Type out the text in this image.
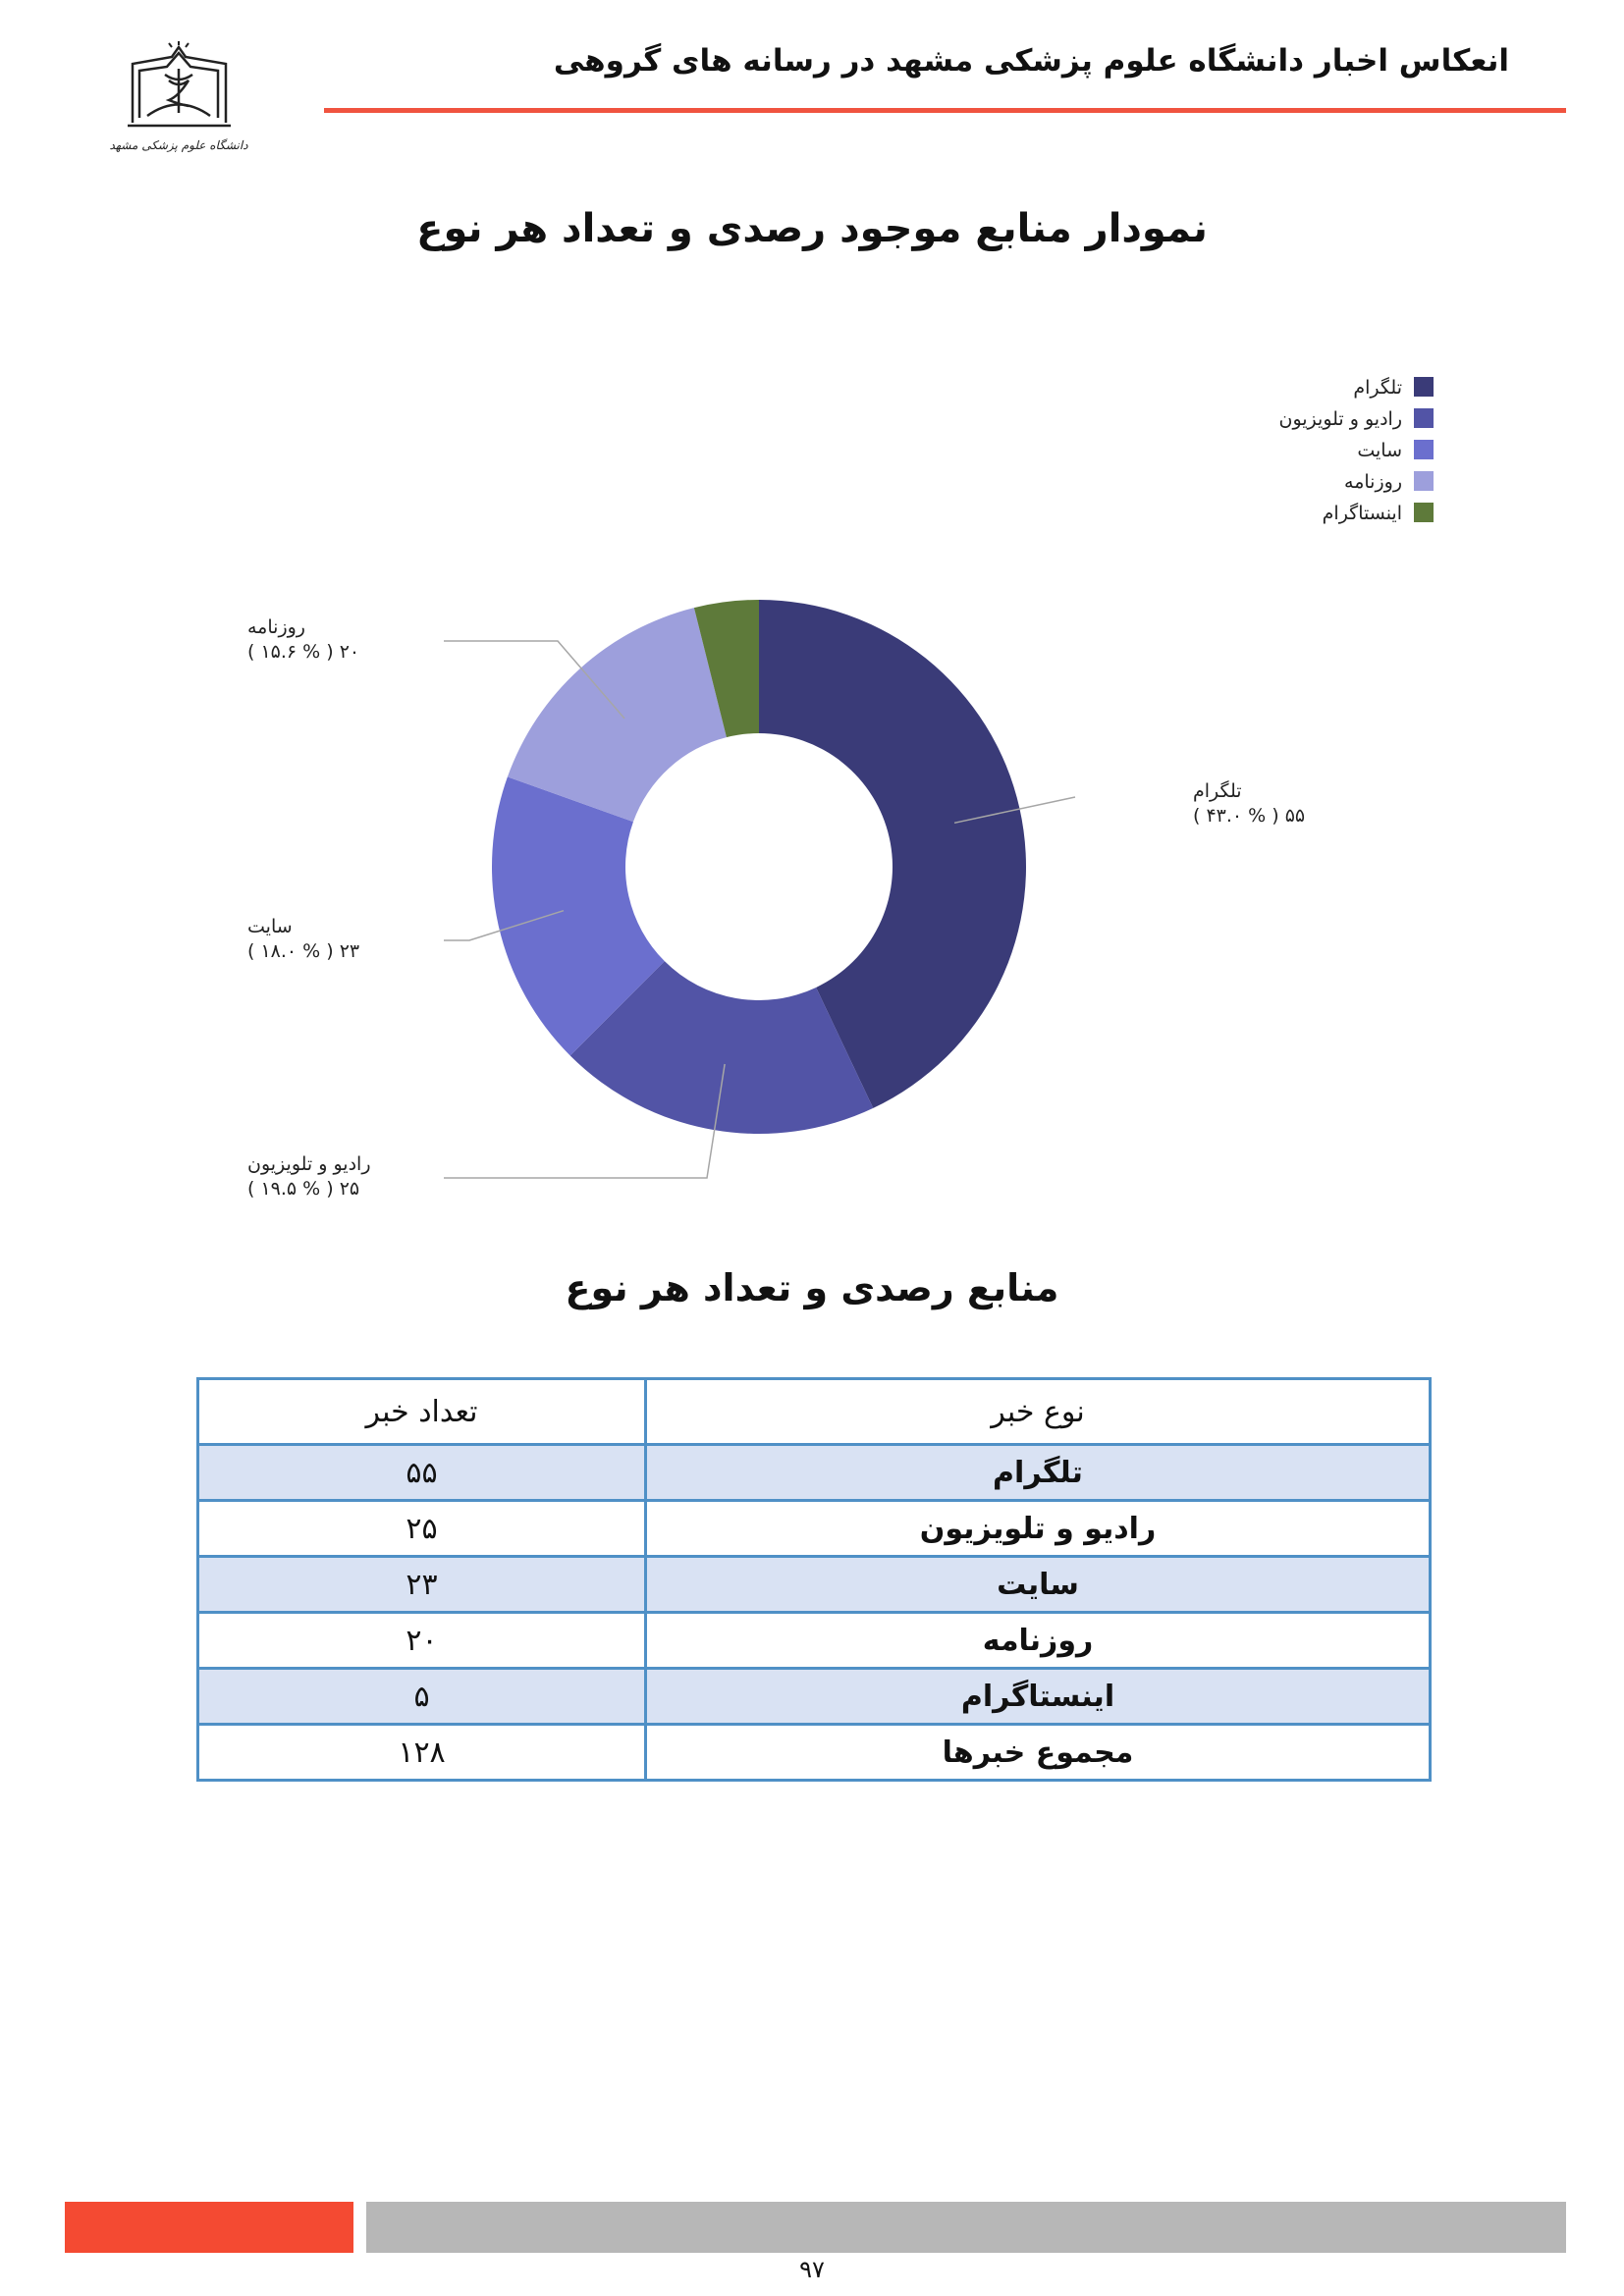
انعکاس اخبار دانشگاه علوم پزشکی مشهد در رسانه های گروهی
دانشگاه علوم پزشکی مشهد
نمودار منابع موجود رصدی و تعداد هر نوع
تلگرام
( ۴۳.۰ % ) ۵۵
رادیو و تلویزیون
( ۱۹.۵ % ) ۲۵
سایت
( ۱۸.۰ % ) ۲۳
روزنامه
( ۱۵.۶ % ) ۲۰
تلگرام
رادیو و تلویزیون
سایت
روزنامه
اینستاگرام
منابع رصدی و تعداد هر نوع
نوع خبر	تعداد خبر
تلگرام	۵۵
رادیو و تلویزیون	۲۵
سایت	۲۳
روزنامه	۲۰
اینستاگرام	۵
مجموع خبرها	۱۲۸
۹۷
